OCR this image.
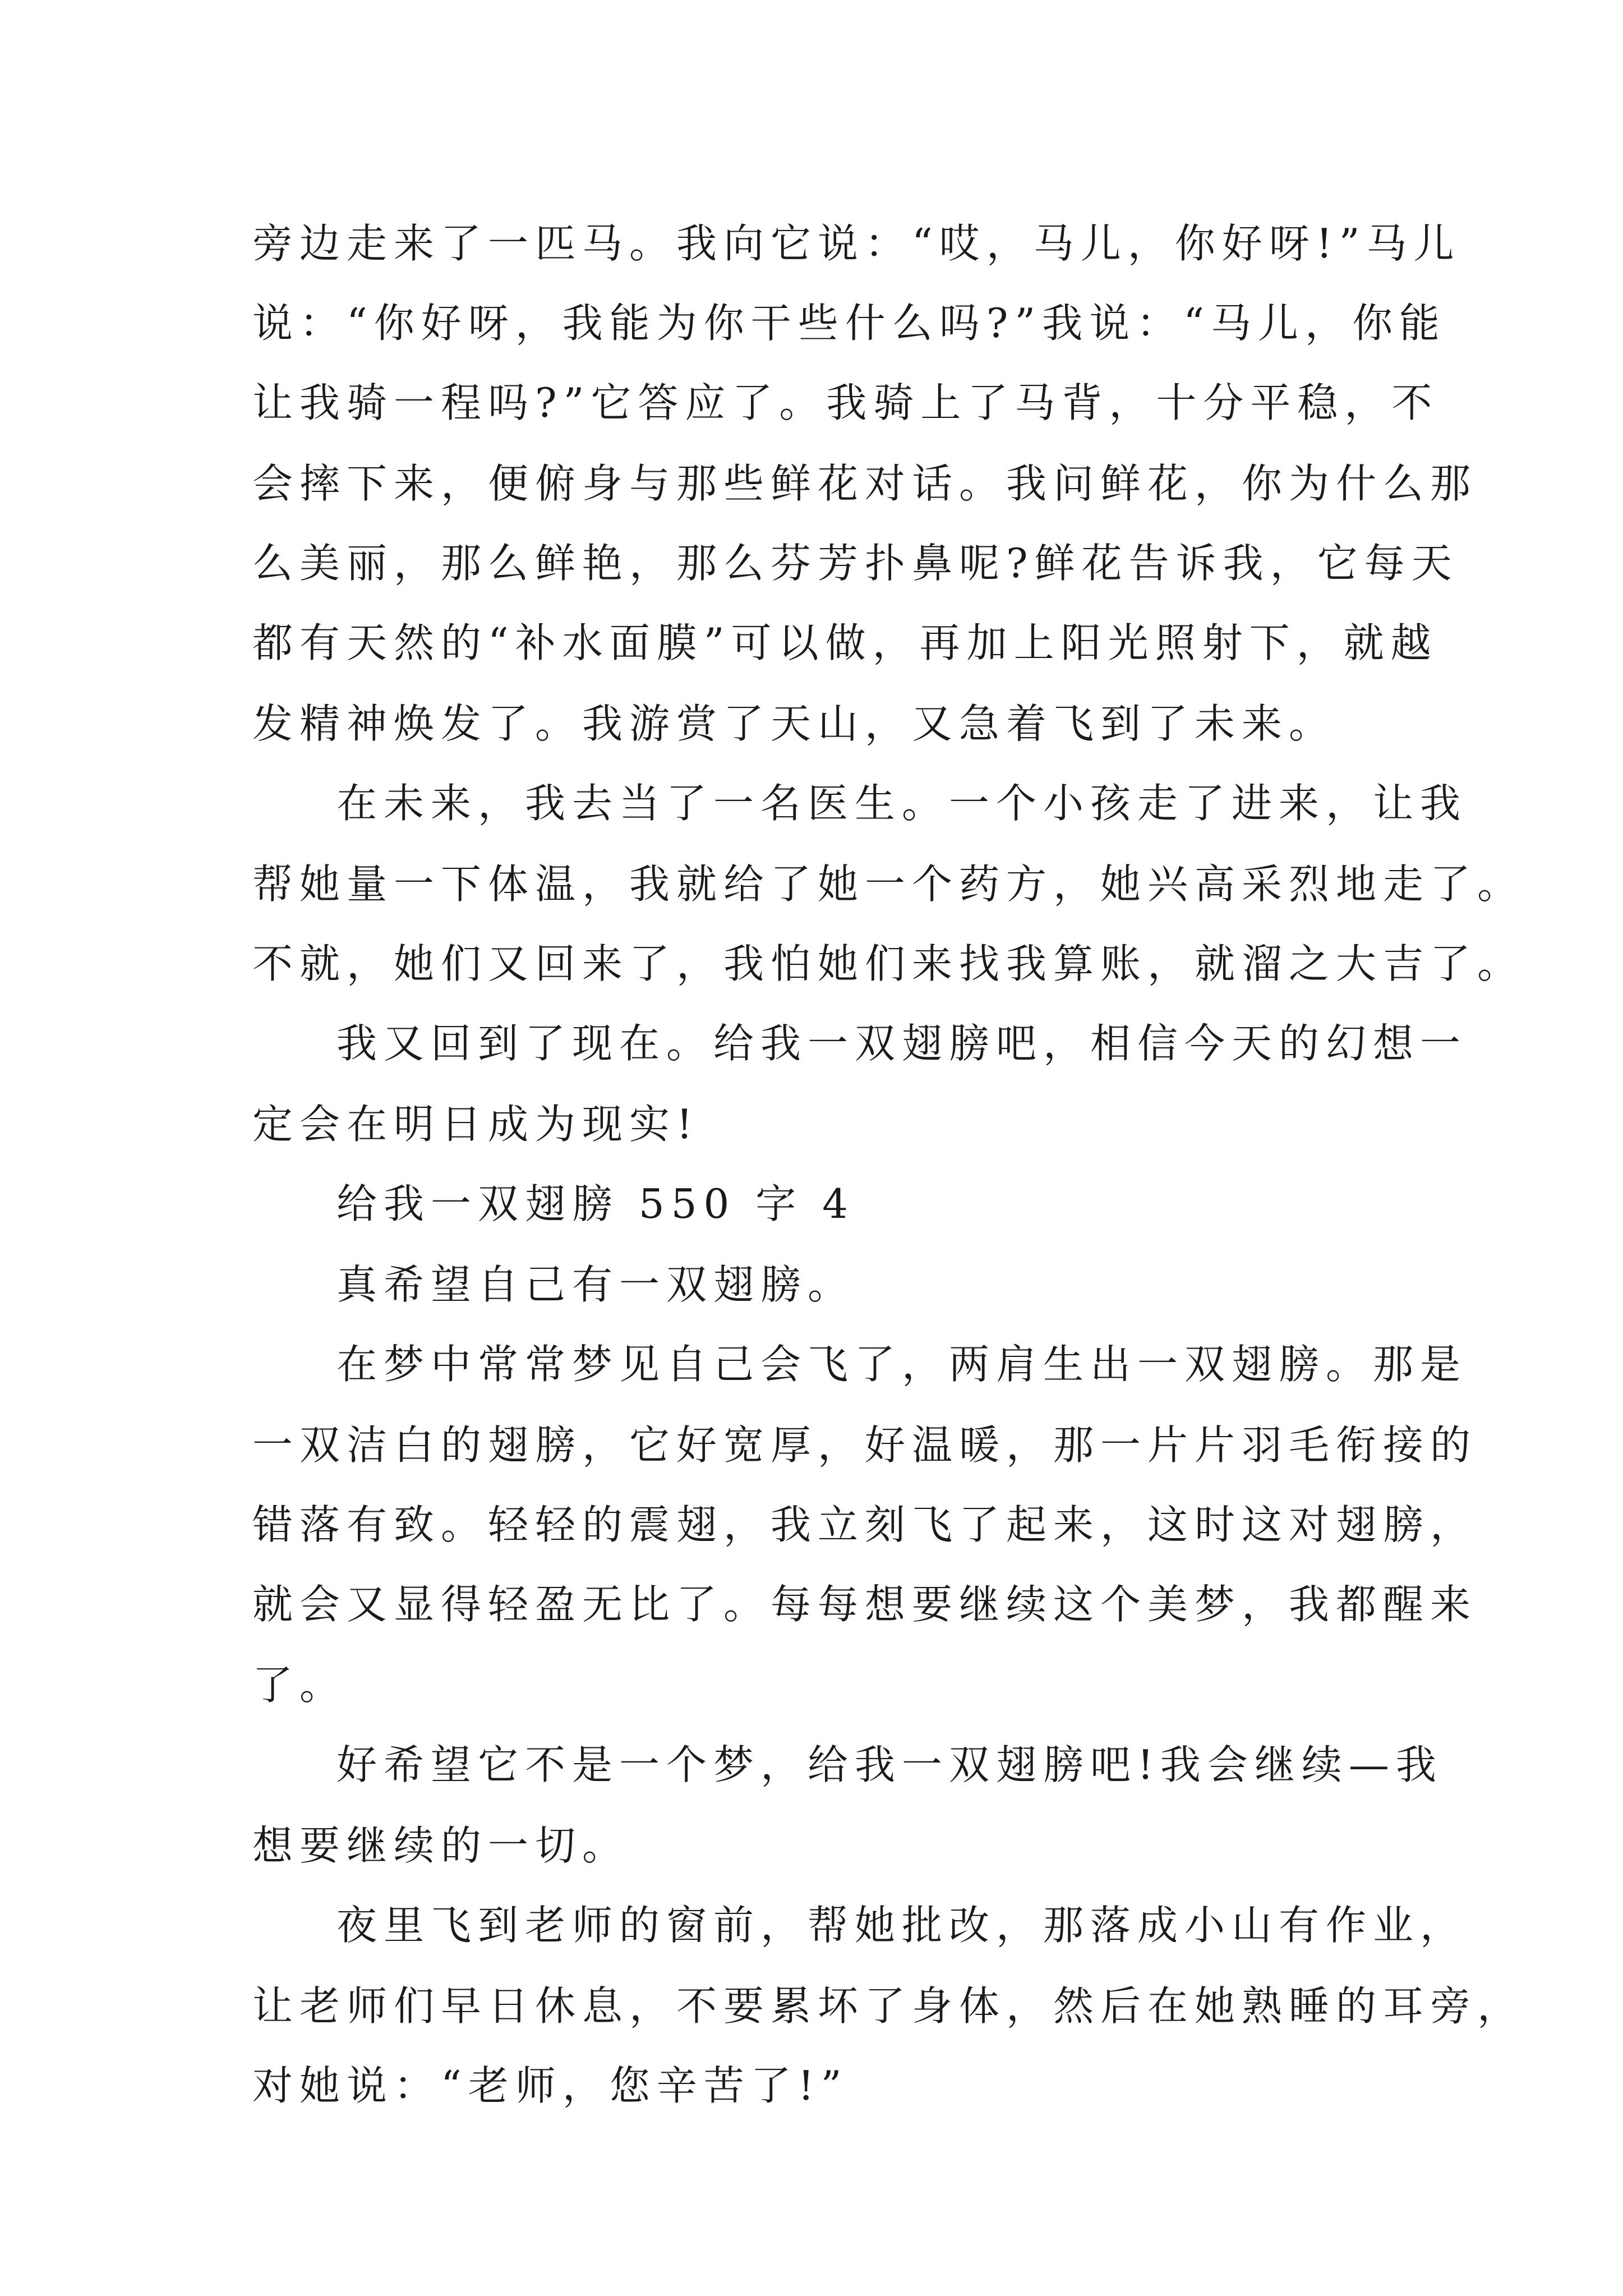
旁边走来了一匹马。我向它说：“哎，马儿，你好呀!”马儿
说：“你好呀，我能为你干些什么吗?”我说：“马儿，你能
让我骑一程吗?”它答应了。我骑上了马背，十分平稳，不
会摔下来，便俯身与那些鲜花对话。我问鲜花，你为什么那
么美丽，那么鲜艳，那么芬芳扑鼻呢?鲜花告诉我，它每天
都有天然的“补水面膜”可以做，再加上阳光照射下，就越
发精神焕发了。我游赏了天山，又急着飞到了未来。
在未来，我去当了一名医生。一个小孩走了进来，让我
帮她量一下体温，我就给了她一个药方，她兴高采烈地走了。
不就，她们又回来了，我怕她们来找我算账，就溜之大吉了。
我又回到了现在。给我一双翅膀吧，相信今天的幻想一
定会在明日成为现实!
给我一双翅膀 550 字 4
真希望自己有一双翅膀。
在梦中常常梦见自己会飞了，两肩生出一双翅膀。那是
一双洁白的翅膀，它好宽厚，好温暖，那一片片羽毛衔接的
错落有致。轻轻的震翅，我立刻飞了起来，这时这对翅膀，
就会又显得轻盈无比了。每每想要继续这个美梦，我都醒来
了。
好希望它不是一个梦，给我一双翅膀吧!我会继续—我
想要继续的一切。
夜里飞到老师的窗前，帮她批改，那落成小山有作业，
让老师们早日休息，不要累坏了身体，然后在她熟睡的耳旁，
对她说：“老师，您辛苦了!”
